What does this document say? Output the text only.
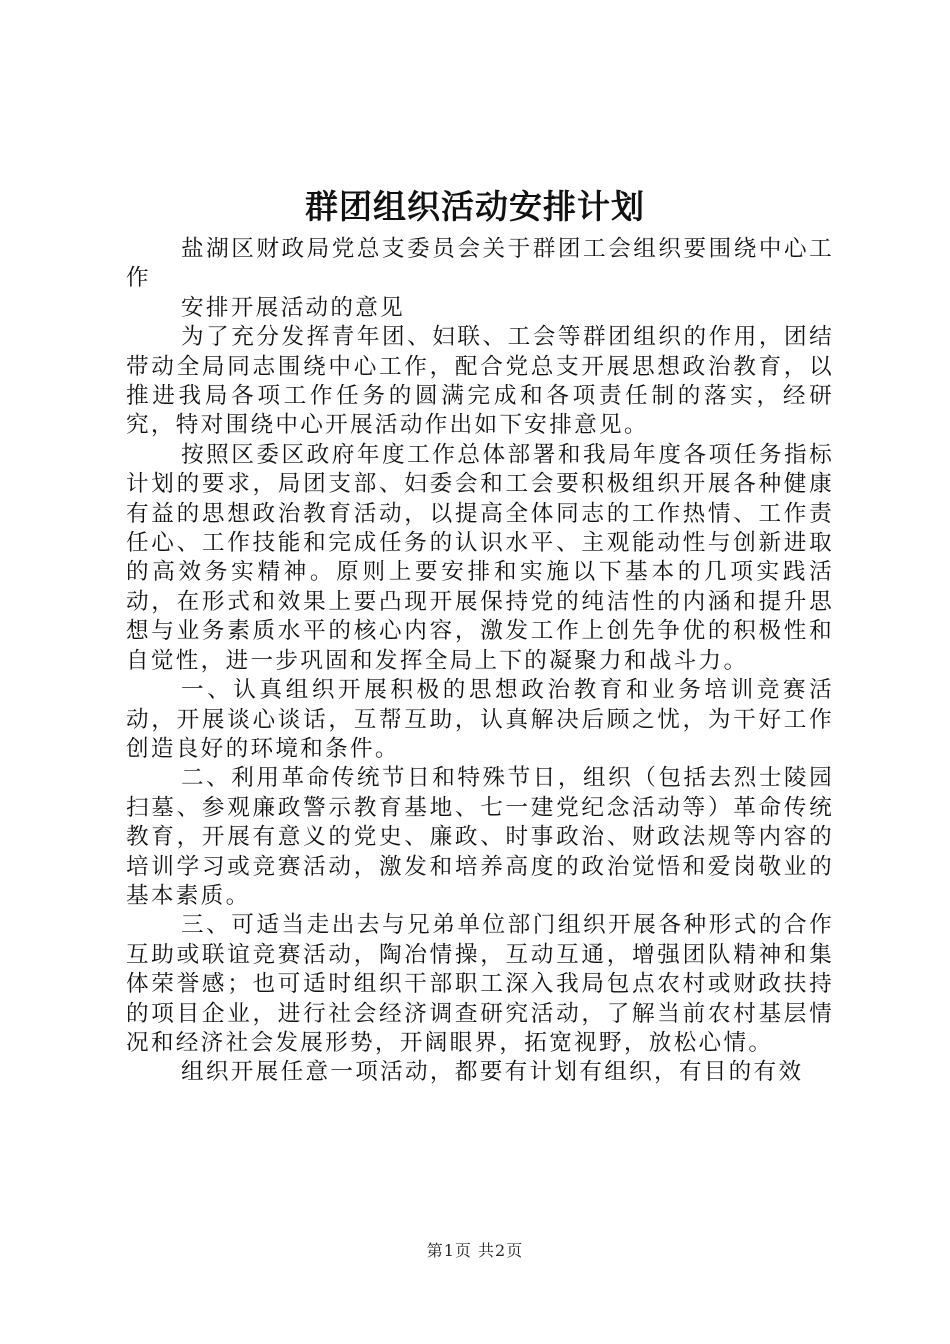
群团组织活动安排计划

盐湖区财政局党总支委员会关于群团工会组织要围绕中心工作

安排开展活动的意见

为了充分发挥青年团、妇联、工会等群团组织的作用，团结带动全局同志围绕中心工作，配合党总支开展思想政治教育，以推进我局各项工作任务的圆满完成和各项责任制的落实，经研究，特对围绕中心开展活动作出如下安排意见。

按照区委区政府年度工作总体部署和我局年度各项任务指标计划的要求，局团支部、妇委会和工会要积极组织开展各种健康有益的思想政治教育活动，以提高全体同志的工作热情、工作责任心、工作技能和完成任务的认识水平、主观能动性与创新进取的高效务实精神。原则上要安排和实施以下基本的几项实践活动，在形式和效果上要凸现开展保持党的纯洁性的内涵和提升思想与业务素质水平的核心内容，激发工作上创先争优的积极性和自觉性，进一步巩固和发挥全局上下的凝聚力和战斗力。

一、认真组织开展积极的思想政治教育和业务培训竞赛活动，开展谈心谈话，互帮互助，认真解决后顾之忧，为干好工作创造良好的环境和条件。

二、利用革命传统节日和特殊节日，组织（包括去烈士陵园扫墓、参观廉政警示教育基地、七一建党纪念活动等）革命传统教育，开展有意义的党史、廉政、时事政治、财政法规等内容的培训学习或竞赛活动，激发和培养高度的政治觉悟和爱岗敬业的基本素质。

三、可适当走出去与兄弟单位部门组织开展各种形式的合作互助或联谊竞赛活动，陶冶情操，互动互通，增强团队精神和集体荣誉感；也可适时组织干部职工深入我局包点农村或财政扶持的项目企业，进行社会经济调查研究活动，了解当前农村基层情况和经济社会发展形势，开阔眼界，拓宽视野，放松心情。

组织开展任意一项活动，都要有计划有组织，有目的有效

第1页 共2页
